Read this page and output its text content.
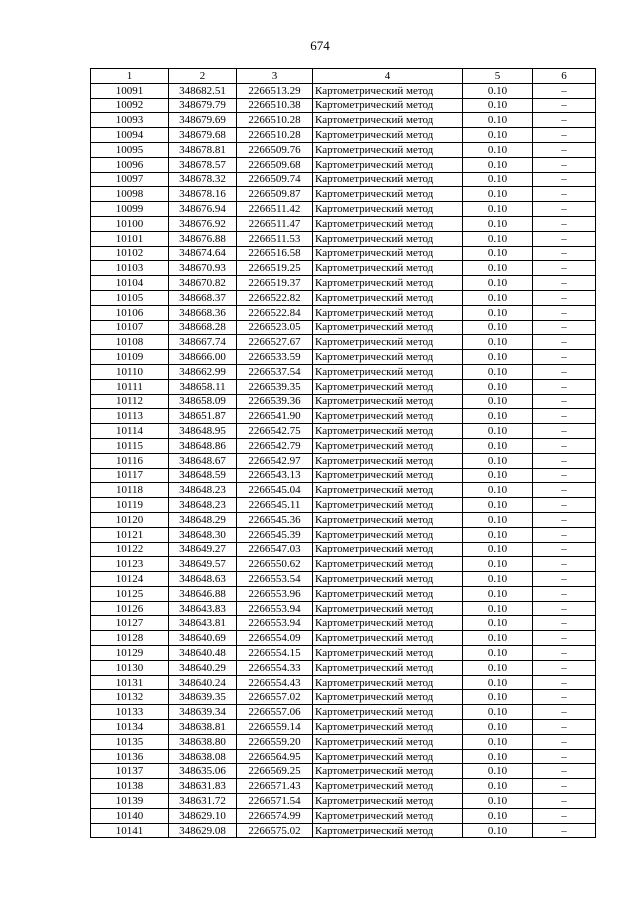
674
1	2	3	4	5	6
10091	348682.51	2266513.29	Картометрический метод	0.10	–
10092	348679.79	2266510.38	Картометрический метод	0.10	–
10093	348679.69	2266510.28	Картометрический метод	0.10	–
10094	348679.68	2266510.28	Картометрический метод	0.10	–
10095	348678.81	2266509.76	Картометрический метод	0.10	–
10096	348678.57	2266509.68	Картометрический метод	0.10	–
10097	348678.32	2266509.74	Картометрический метод	0.10	–
10098	348678.16	2266509.87	Картометрический метод	0.10	–
10099	348676.94	2266511.42	Картометрический метод	0.10	–
10100	348676.92	2266511.47	Картометрический метод	0.10	–
10101	348676.88	2266511.53	Картометрический метод	0.10	–
10102	348674.64	2266516.58	Картометрический метод	0.10	–
10103	348670.93	2266519.25	Картометрический метод	0.10	–
10104	348670.82	2266519.37	Картометрический метод	0.10	–
10105	348668.37	2266522.82	Картометрический метод	0.10	–
10106	348668.36	2266522.84	Картометрический метод	0.10	–
10107	348668.28	2266523.05	Картометрический метод	0.10	–
10108	348667.74	2266527.67	Картометрический метод	0.10	–
10109	348666.00	2266533.59	Картометрический метод	0.10	–
10110	348662.99	2266537.54	Картометрический метод	0.10	–
10111	348658.11	2266539.35	Картометрический метод	0.10	–
10112	348658.09	2266539.36	Картометрический метод	0.10	–
10113	348651.87	2266541.90	Картометрический метод	0.10	–
10114	348648.95	2266542.75	Картометрический метод	0.10	–
10115	348648.86	2266542.79	Картометрический метод	0.10	–
10116	348648.67	2266542.97	Картометрический метод	0.10	–
10117	348648.59	2266543.13	Картометрический метод	0.10	–
10118	348648.23	2266545.04	Картометрический метод	0.10	–
10119	348648.23	2266545.11	Картометрический метод	0.10	–
10120	348648.29	2266545.36	Картометрический метод	0.10	–
10121	348648.30	2266545.39	Картометрический метод	0.10	–
10122	348649.27	2266547.03	Картометрический метод	0.10	–
10123	348649.57	2266550.62	Картометрический метод	0.10	–
10124	348648.63	2266553.54	Картометрический метод	0.10	–
10125	348646.88	2266553.96	Картометрический метод	0.10	–
10126	348643.83	2266553.94	Картометрический метод	0.10	–
10127	348643.81	2266553.94	Картометрический метод	0.10	–
10128	348640.69	2266554.09	Картометрический метод	0.10	–
10129	348640.48	2266554.15	Картометрический метод	0.10	–
10130	348640.29	2266554.33	Картометрический метод	0.10	–
10131	348640.24	2266554.43	Картометрический метод	0.10	–
10132	348639.35	2266557.02	Картометрический метод	0.10	–
10133	348639.34	2266557.06	Картометрический метод	0.10	–
10134	348638.81	2266559.14	Картометрический метод	0.10	–
10135	348638.80	2266559.20	Картометрический метод	0.10	–
10136	348638.08	2266564.95	Картометрический метод	0.10	–
10137	348635.06	2266569.25	Картометрический метод	0.10	–
10138	348631.83	2266571.43	Картометрический метод	0.10	–
10139	348631.72	2266571.54	Картометрический метод	0.10	–
10140	348629.10	2266574.99	Картометрический метод	0.10	–
10141	348629.08	2266575.02	Картометрический метод	0.10	–
